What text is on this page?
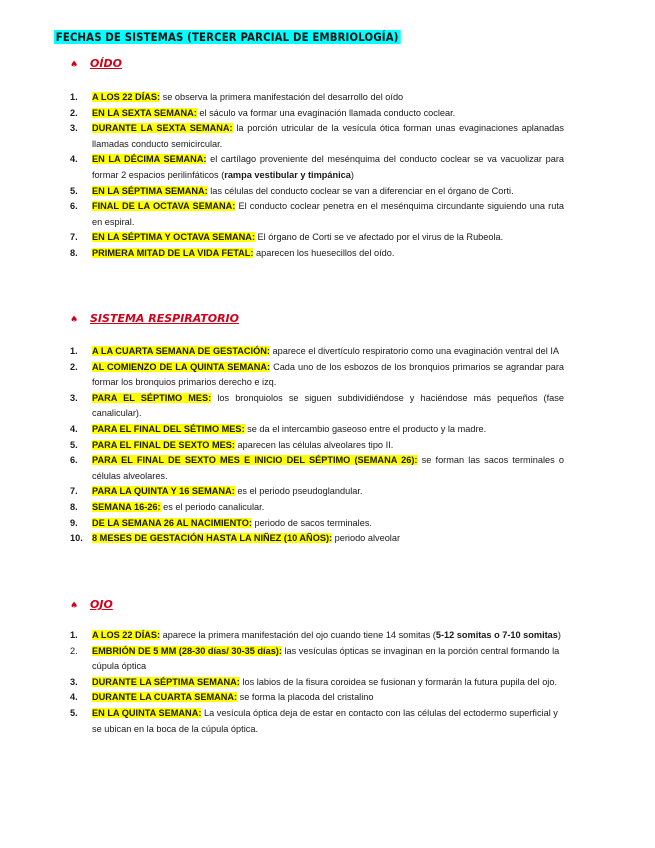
FECHAS DE SISTEMAS (TERCER PARCIAL DE EMBRIOLOGÍA)
♠ OÍDO
1.	A LOS 22 DÍAS: se observa la primera manifestación del desarrollo del oído
2.	EN LA SEXTA SEMANA: el sáculo va formar una evaginación llamada conducto coclear.
3.	DURANTE LA SEXTA SEMANA: la porción utricular de la vesícula ótica forman unas evaginaciones aplanadas llamadas conducto semicircular.
4.	EN LA DÉCIMA SEMANA: el cartílago proveniente del mesénquima del conducto coclear se va vacuolizar para formar 2 espacios perilinfáticos (rampa vestibular y timpánica)
5.	EN LA SÉPTIMA SEMANA: las células del conducto coclear se van a diferenciar en el órgano de Corti.
6.	FINAL DE LA OCTAVA SEMANA: El conducto coclear penetra en el mesénquima circundante siguiendo una ruta en espiral.
7.	EN LA SÉPTIMA Y OCTAVA SEMANA: El órgano de Corti se ve afectado por el virus de la Rubeola.
8.	PRIMERA MITAD DE LA VIDA FETAL: aparecen los huesecillos del oído.
♠ SISTEMA RESPIRATORIO
1.	A LA CUARTA SEMANA DE GESTACIÓN: aparece el divertículo respiratorio como una evaginación ventral del IA
2.	AL COMIENZO DE LA QUINTA SEMANA: Cada uno de los esbozos de los bronquios primarios se agrandar para formar los bronquios primarios derecho e izq.
3.	PARA EL SÉPTIMO MES: los bronquiolos se siguen subdividiéndose y haciéndose más pequeños (fase canalicular).
4.	PARA EL FINAL DEL SÉTIMO MES: se da el intercambio gaseoso entre el producto y la madre.
5.	PARA EL FINAL DE SEXTO MES: aparecen las células alveolares tipo II.
6.	PARA EL FINAL DE SEXTO MES E INICIO DEL SÉPTIMO (SEMANA 26): se forman las sacos terminales o células alveolares.
7.	PARA LA QUINTA Y 16 SEMANA: es el periodo pseudoglandular.
8.	SEMANA 16-26: es el periodo canalicular.
9.	DE LA SEMANA 26 AL NACIMIENTO: periodo de sacos terminales.
10.	8 MESES DE GESTACIÓN HASTA LA NIÑEZ (10 AÑOS): periodo alveolar
♠ OJO
1.	A LOS 22 DÍAS: aparece la primera manifestación del ojo cuando tiene 14 somitas (5-12 somitas o 7-10 somitas)
2.	EMBRIÓN DE 5 MM (28-30 días/ 30-35 días): las vesículas ópticas se invaginan en la porción central formando la cúpula óptica
3.	DURANTE LA SÉPTIMA SEMANA: los labios de la fisura coroidea se fusionan y formarán la futura pupila del ojo.
4.	DURANTE LA CUARTA SEMANA: se forma la placoda del cristalino
5.	EN LA QUINTA SEMANA: La vesícula óptica deja de estar en contacto con las células del ectodermo superficial y se ubican en la boca de la cúpula óptica.
